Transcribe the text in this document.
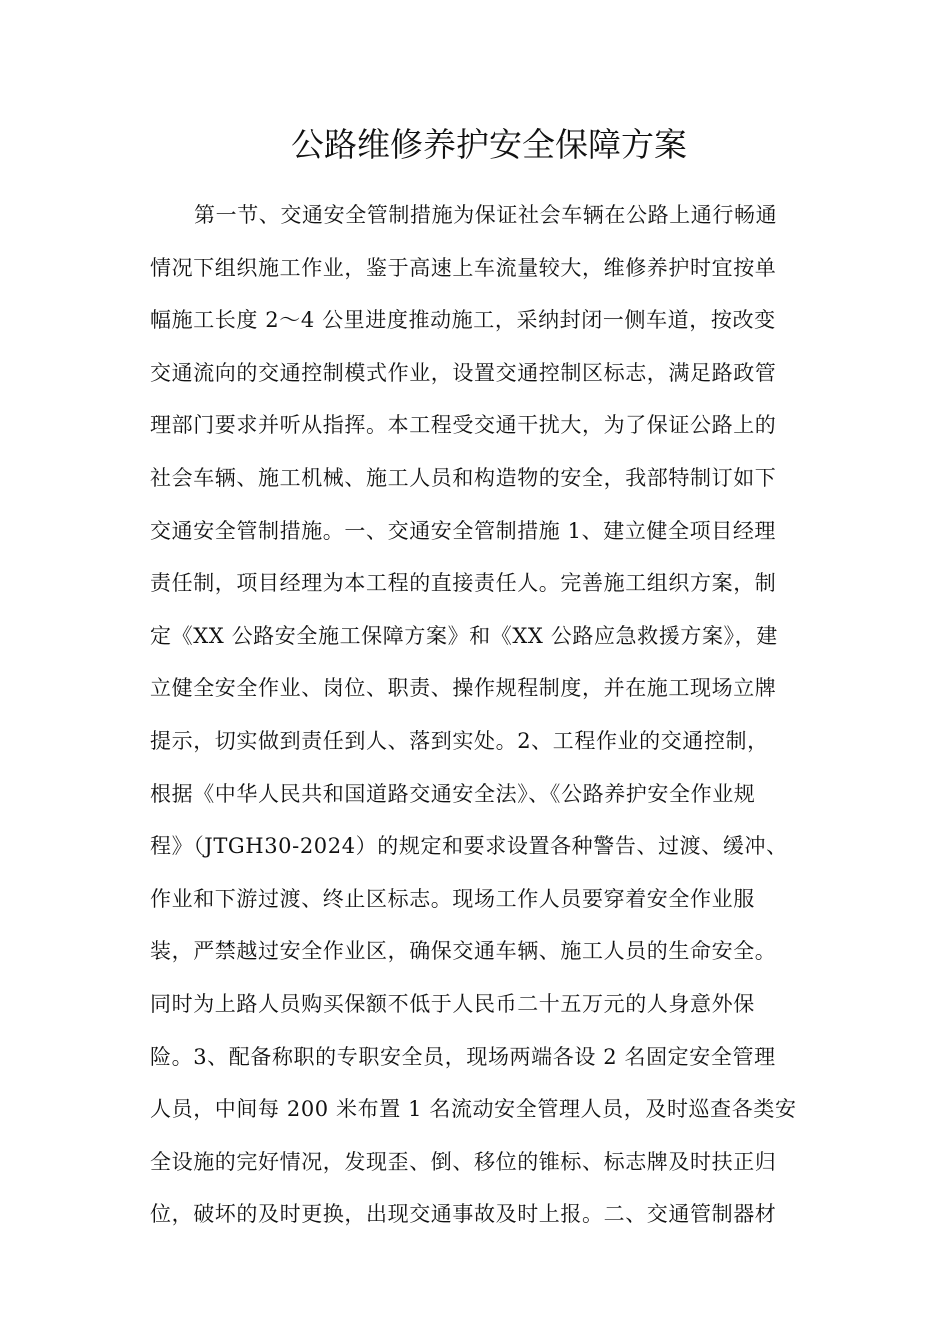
公路维修养护安全保障方案
第一节、交通安全管制措施为保证社会车辆在公路上通行畅通
情况下组织施工作业，鉴于高速上车流量较大，维修养护时宜按单
幅施工长度 2～4 公里进度推动施工，采纳封闭一侧车道，按改变
交通流向的交通控制模式作业，设置交通控制区标志，满足路政管
理部门要求并听从指挥。本工程受交通干扰大，为了保证公路上的
社会车辆、施工机械、施工人员和构造物的安全，我部特制订如下
交通安全管制措施。一、交通安全管制措施 1、建立健全项目经理
责任制，项目经理为本工程的直接责任人。完善施工组织方案，制
定《XX 公路安全施工保障方案》和《XX 公路应急救援方案》，建
立健全安全作业、岗位、职责、操作规程制度，并在施工现场立牌
提示，切实做到责任到人、落到实处。2、工程作业的交通控制，
根据《中华人民共和国道路交通安全法》、《公路养护安全作业规
程》（JTGH30-2024）的规定和要求设置各种警告、过渡、缓冲、
作业和下游过渡、终止区标志。现场工作人员要穿着安全作业服
装，严禁越过安全作业区，确保交通车辆、施工人员的生命安全。
同时为上路人员购买保额不低于人民币二十五万元的人身意外保
险。3、配备称职的专职安全员，现场两端各设 2 名固定安全管理
人员，中间每 200 米布置 1 名流动安全管理人员，及时巡查各类安
全设施的完好情况，发现歪、倒、移位的锥标、标志牌及时扶正归
位，破坏的及时更换，出现交通事故及时上报。二、交通管制器材
